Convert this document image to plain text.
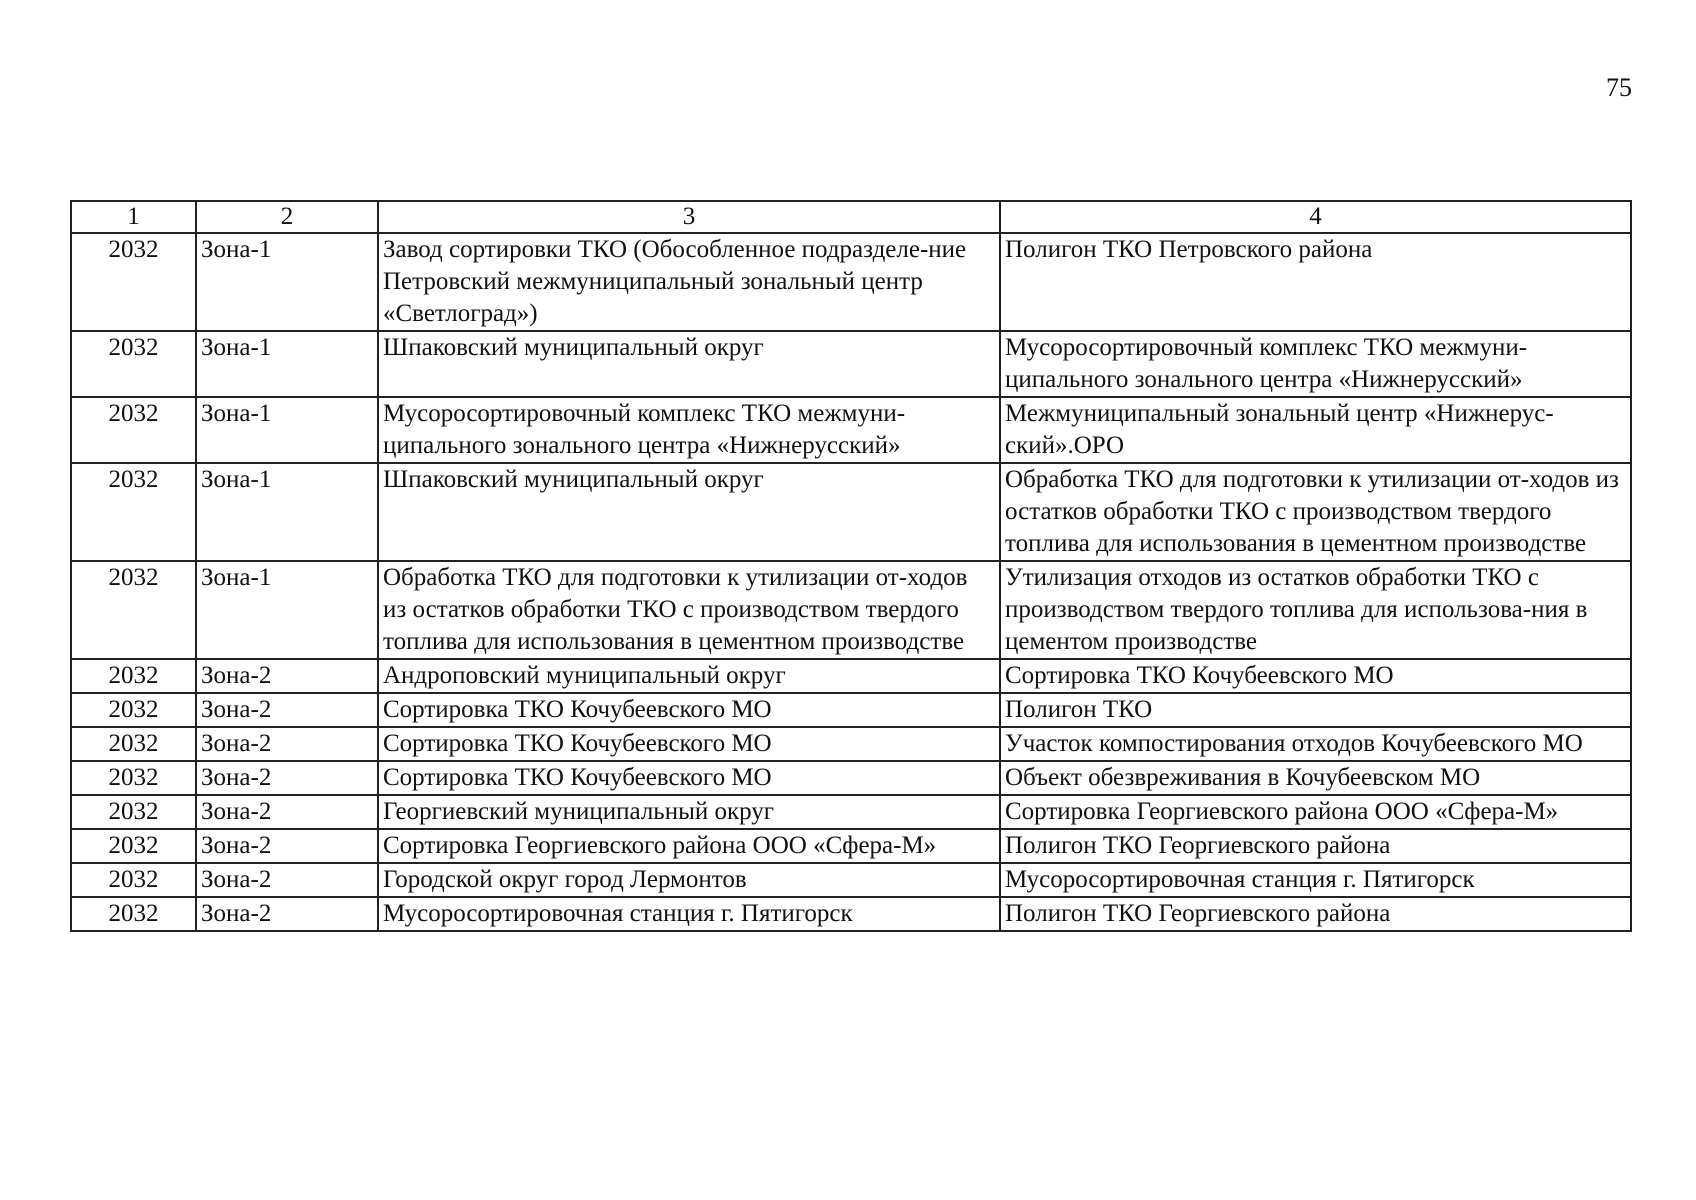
75
1	2	3	4
2032	Зона-1	Завод сортировки ТКО (Обособленное подразделе-ние Петровский межмуниципальный зональный центр «Светлоград»)	Полигон ТКО Петровского района
2032	Зона-1	Шпаковский муниципальный округ	Мусоросортировочный комплекс ТКО межмуни-ципального зонального центра «Нижнерусский»
2032	Зона-1	Мусоросортировочный комплекс ТКО межмуни-ципального зонального центра «Нижнерусский»	Межмуниципальный зональный центр «Нижнерус-ский».ОРО
2032	Зона-1	Шпаковский муниципальный округ	Обработка ТКО для подготовки к утилизации от-ходов из остатков обработки ТКО с производством твердого топлива для использования в цементном производстве
2032	Зона-1	Обработка ТКО для подготовки к утилизации от-ходов из остатков обработки ТКО с производством твердого топлива для использования в цементном производстве	Утилизация отходов из остатков обработки ТКО с производством твердого топлива для использова-ния в цементом производстве
2032	Зона-2	Андроповский муниципальный округ	Сортировка ТКО Кочубеевского МО
2032	Зона-2	Сортировка ТКО Кочубеевского МО	Полигон ТКО
2032	Зона-2	Сортировка ТКО Кочубеевского МО	Участок компостирования отходов Кочубеевского МО
2032	Зона-2	Сортировка ТКО Кочубеевского МО	Объект обезвреживания в Кочубеевском МО
2032	Зона-2	Георгиевский муниципальный округ	Сортировка Георгиевского района ООО «Сфера-М»
2032	Зона-2	Сортировка Георгиевского района ООО «Сфера-М»	Полигон ТКО Георгиевского района
2032	Зона-2	Городской округ город Лермонтов	Мусоросортировочная станция г. Пятигорск
2032	Зона-2	Мусоросортировочная станция г. Пятигорск	Полигон ТКО Георгиевского района
